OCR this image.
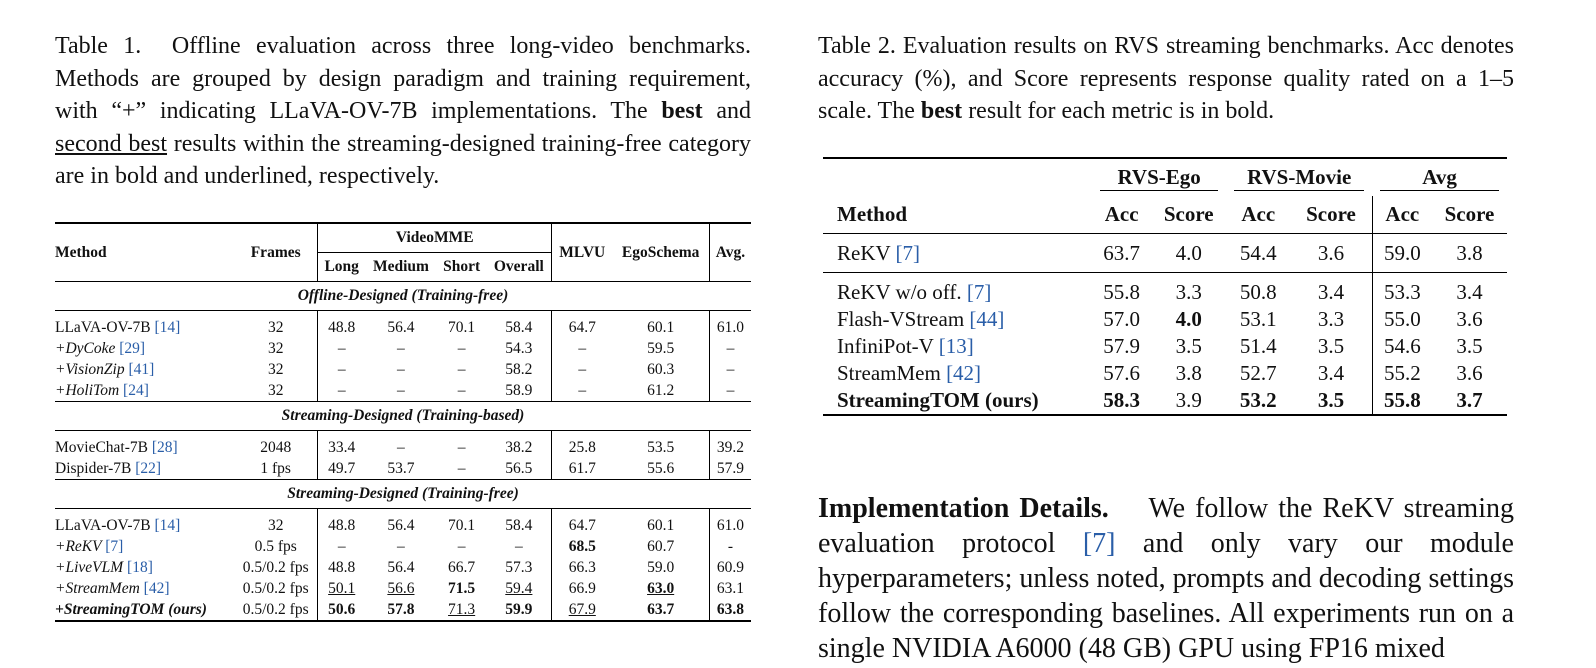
Table 1. Offline evaluation across three long-video benchmarks. Methods are grouped by design paradigm and training requirement, with “+” indicating LLaVA-OV-7B implementations. The best and second best results within the streaming-designed training-free category are in bold and underlined, respectively.
Method	Frames	VideoMME				MLVU	EgoSchema	Avg.
		Long	Medium	Short	Overall			
Offline-Designed (Training-free)								
LLaVA-OV-7B [14]	32	48.8	56.4	70.1	58.4	64.7	60.1	61.0
+DyCoke [29]	32	–	–	–	54.3	–	59.5	–
+VisionZip [41]	32	–	–	–	58.2	–	60.3	–
+HoliTom [24]	32	–	–	–	58.9	–	61.2	–
Streaming-Designed (Training-based)								
MovieChat-7B [28]	2048	33.4	–	–	38.2	25.8	53.5	39.2
Dispider-7B [22]	1 fps	49.7	53.7	–	56.5	61.7	55.6	57.9
Streaming-Designed (Training-free)								
LLaVA-OV-7B [14]	32	48.8	56.4	70.1	58.4	64.7	60.1	61.0
+ReKV [7]	0.5 fps	–	–	–	–	68.5	60.7	-
+LiveVLM [18]	0.5/0.2 fps	48.8	56.4	66.7	57.3	66.3	59.0	60.9
+StreamMem [42]	0.5/0.2 fps	50.1	56.6	71.5	59.4	66.9	63.0	63.1
+StreamingTOM (ours)	0.5/0.2 fps	50.6	57.8	71.3	59.9	67.9	63.7	63.8
Table 2. Evaluation results on RVS streaming benchmarks. Acc denotes accuracy (%), and Score represents response quality rated on a 1–5 scale. The best result for each metric is in bold.

	RVS-Ego		RVS-Movie		Avg	

Method	Acc	Score	Acc	Score	Acc	Score
ReKV [7]	63.7	4.0	54.4	3.6	59.0	3.8
ReKV w/o off. [7]	55.8	3.3	50.8	3.4	53.3	3.4
Flash-VStream [44]	57.0	4.0	53.1	3.3	55.0	3.6
InfiniPot-V [13]	57.9	3.5	51.4	3.5	54.6	3.5
StreamMem [42]	57.6	3.8	52.7	3.4	55.2	3.6
StreamingTOM (ours)	58.3	3.9	53.2	3.5	55.8	3.7
Implementation Details.    We follow the ReKV streaming evaluation protocol [7] and only vary our module hyperparameters; unless noted, prompts and decoding settings follow the corresponding baselines. All experiments run on a single NVIDIA A6000 (48 GB) GPU using FP16 mixed
